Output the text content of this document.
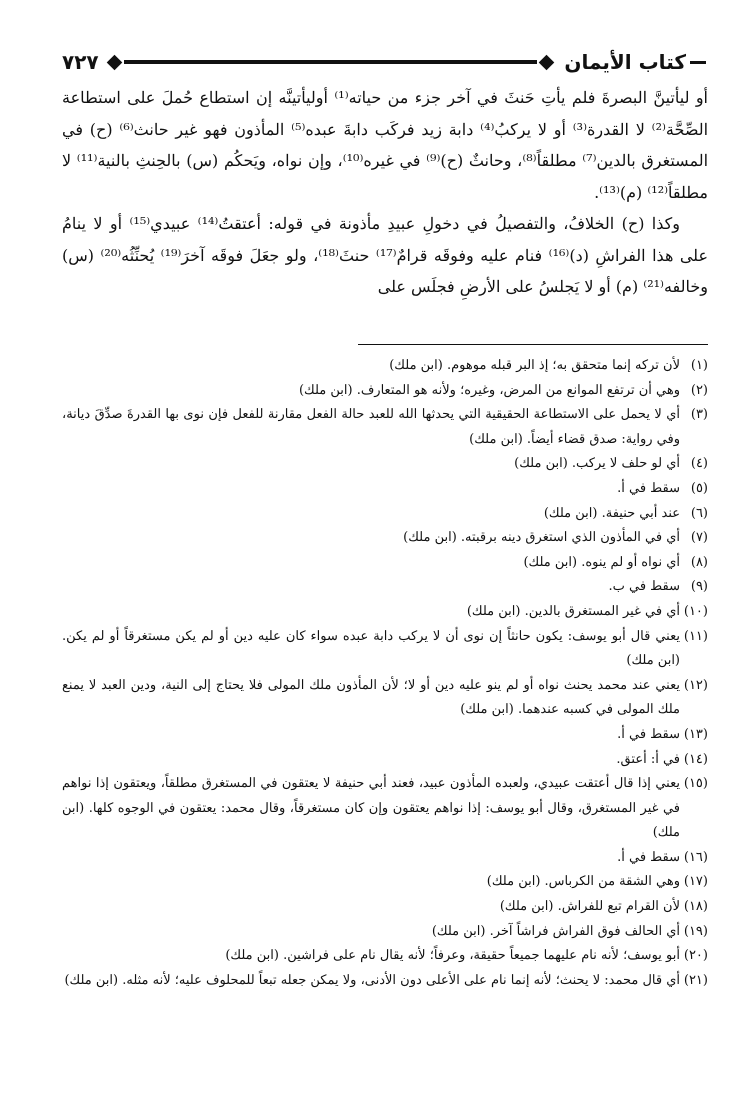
كتاب الأيمان
٧٢٧

أو ليأتينَّ البصرةَ فلم يأتِ حَنثَ في آخر جزء من حياته⁽¹⁾ أوليأتينَّه إن استطاع حُملَ على استطاعة الصِّحَّة⁽²⁾ لا القدرة⁽³⁾ أو لا يركبُ⁽⁴⁾ دابة زيد فركَب دابةَ عبده⁽⁵⁾ المأذون فهو غير حانث⁽⁶⁾ (ح) في المستغرق بالدين⁽⁷⁾ مطلقاً⁽⁸⁾، وحانثٌ (ح)⁽⁹⁾ في غيره⁽¹⁰⁾، وإن نواه، ويَحكُم (س) بالحِنثِ بالنية⁽¹¹⁾ لا مطلقاً⁽¹²⁾ (م)⁽¹³⁾.

وكذا (ح) الخلافُ، والتفصيلُ في دخولِ عبيدِ مأذونة في قوله: أعتقتُ⁽¹⁴⁾ عبيدي⁽¹⁵⁾ أو لا ينامُ على هذا الفراشِ (د)⁽¹⁶⁾ فنام عليه وفوقَه قرامٌ⁽¹⁷⁾ حنثَ⁽¹⁸⁾، ولو جعَلَ فوقَه آخرَ⁽¹⁹⁾ يُحنِّثُه⁽²⁰⁾ (س) وخالفه⁽²¹⁾ (م) أو لا يَجلسُ على الأرضِ فجلَس على

(١)
لأن تركه إنما متحقق به؛ إذ البر قبله موهوم. (ابن ملك)
(٢)
وهي أن ترتفع الموانع من المرض، وغيره؛ ولأنه هو المتعارف. (ابن ملك)
(٣)
أي لا يحمل على الاستطاعة الحقيقية التي يحدثها الله للعبد حالة الفعل مقارنة للفعل فإن نوى بها القدرةَ صدِّقَ ديانة، وفي رواية: صدق قضاء أيضاً. (ابن ملك)
(٤)
أي لو حلف لا يركب. (ابن ملك)
(٥)
سقط في أ.
(٦)
عند أبي حنيفة. (ابن ملك)
(٧)
أي في المأذون الذي استغرق دينه برقبته. (ابن ملك)
(٨)
أي نواه أو لم ينوه. (ابن ملك)
(٩)
سقط في ب.
(١٠)
أي في غير المستغرق بالدين. (ابن ملك)
(١١)
يعني قال أبو يوسف: يكون حانثاً إن نوى أن لا يركب دابة عبده سواء كان عليه دين أو لم يكن مستغرقاً أو لم يكن. (ابن ملك)
(١٢)
يعني عند محمد يحنث نواه أو لم ينو عليه دين أو لا؛ لأن المأذون ملك المولى فلا يحتاج إلى النية، ودين العبد لا يمنع ملك المولى في كسبه عندهما. (ابن ملك)
(١٣)
سقط في أ.
(١٤)
في أ: أعتق.
(١٥)
يعني إذا قال أعتقت عبيدي، ولعبده المأذون عبيد، فعند أبي حنيفة لا يعتقون في المستغرق مطلقاً، ويعتقون إذا نواهم في غير المستغرق، وقال أبو يوسف: إذا نواهم يعتقون وإن كان مستغرقاً، وقال محمد: يعتقون في الوجوه كلها. (ابن ملك)
(١٦)
سقط في أ.
(١٧)
وهي الشقة من الكرباس. (ابن ملك)
(١٨)
لأن القرام تبع للفراش. (ابن ملك)
(١٩)
أي الحالف فوق الفراش فراشاً آخر. (ابن ملك)
(٢٠)
أبو يوسف؛ لأنه نام عليهما جميعاً حقيقة، وعرفاً؛ لأنه يقال نام على فراشين. (ابن ملك)
(٢١)
أي قال محمد: لا يحنث؛ لأنه إنما نام على الأعلى دون الأدنى، ولا يمكن جعله تبعاً للمحلوف عليه؛ لأنه مثله. (ابن ملك)
